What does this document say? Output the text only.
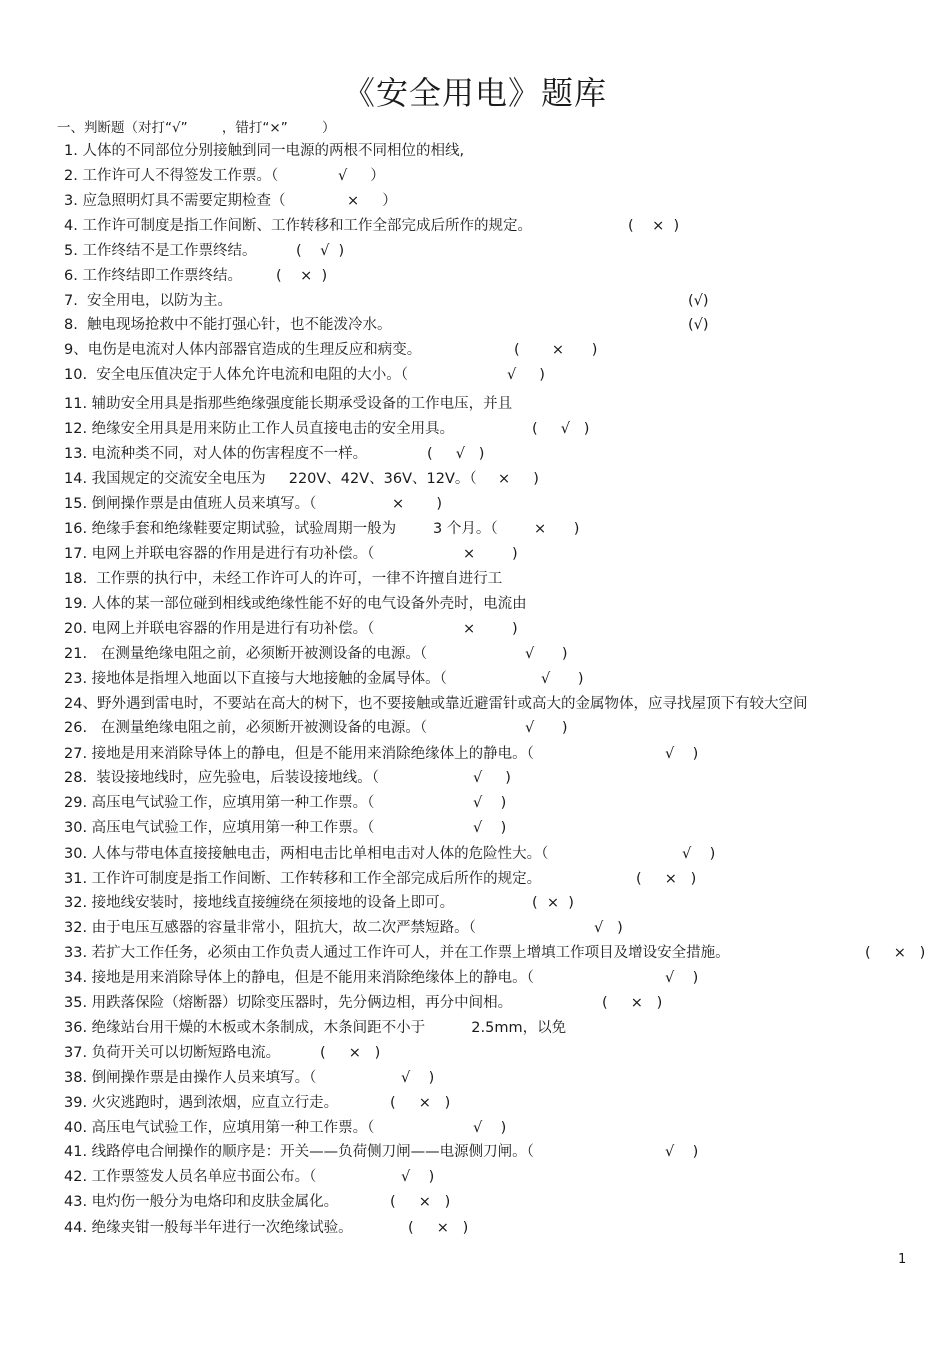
《安全用电》题库
一、判断题（对打“√”        ，错打“×”        ）
1. 人体的不同部位分别接触到同一电源的两根不同相位的相线,
2. 工作许可人不得签发工作票。（	√     ）
3. 应急照明灯具不需要定期检查（	×     ）
4. 工作许可制度是指工作间断、工作转移和工作全部完成后所作的规定。	(    ×  )
5. 工作终结不是工作票终结。	(    √  )
6. 工作终结即工作票终结。 (    ×  )
7.  安全用电，以防为主。	(√)
8.  触电现场抢救中不能打强心针，也不能泼冷水。	(√)
9、电伤是电流对人体内部器官造成的生理反应和病变。	(       ×      )
10.  安全电压值决定于人体允许电流和电阻的大小。（	√     )
11. 辅助安全用具是指那些绝缘强度能长期承受设备的工作电压，并且
12. 绝缘安全用具是用来防止工作人员直接电击的安全用具。	(     √   )
13. 电流种类不同，对人体的伤害程度不一样。	(     √   )
14. 我国规定的交流安全电压为     220V、42V、36V、12V。（ ×     )
15. 倒闸操作票是由值班人员来填写。（	×       )
16. 绝缘手套和绝缘鞋要定期试验，试验周期一般为        3 个月。（	×      )
17. 电网上并联电容器的作用是进行有功补偿。（	×        )
18.  工作票的执行中，未经工作许可人的许可，一律不许擅自进行工
19. 人体的某一部位碰到相线或绝缘性能不好的电气设备外壳时，电流由
20. 电网上并联电容器的作用是进行有功补偿。（	×        )
21.   在测量绝缘电阻之前，必须断开被测设备的电源。（	√      )
23. 接地体是指埋入地面以下直接与大地接触的金属导体。（	√      )
24、野外遇到雷电时，不要站在高大的树下，也不要接触或靠近避雷针或高大的金属物体，应寻找屋顶下有较大空间
26.   在测量绝缘电阻之前，必须断开被测设备的电源。（	√      )
27. 接地是用来消除导体上的静电，但是不能用来消除绝缘体上的静电。（	√    )
28.  装设接地线时，应先验电，后装设接地线。（	√     )
29. 高压电气试验工作，应填用第一种工作票。（	√    )
30. 高压电气试验工作，应填用第一种工作票。（	√    )
30. 人体与带电体直接接触电击，两相电击比单相电击对人体的危险性大。（	√    )
31. 工作许可制度是指工作间断、工作转移和工作全部完成后所作的规定。	(     ×   )
32. 接地线安装时，接地线直接缠绕在须接地的设备上即可。	(  ×  )
32. 由于电压互感器的容量非常小，阻抗大，故二次严禁短路。（	√   )
33. 若扩大工作任务，必须由工作负责人通过工作许可人，并在工作票上增填工作项目及增设安全措施。	(     ×   )
34. 接地是用来消除导体上的静电，但是不能用来消除绝缘体上的静电。（	√    )
35. 用跌落保险（熔断器）切除变压器时，先分俩边相，再分中间相。	(     ×   )
36. 绝缘站台用干燥的木板或木条制成，木条间距不小于          2.5mm，以免
37. 负荷开关可以切断短路电流。	(     ×   )
38. 倒闸操作票是由操作人员来填写。（	√    )
39. 火灾逃跑时，遇到浓烟，应直立行走。	(     ×   )
40. 高压电气试验工作，应填用第一种工作票。（	√    )
41. 线路停电合闸操作的顺序是：开关——负荷侧刀闸——电源侧刀闸。（	√    )
42. 工作票签发人员名单应书面公布。（	√    )
43. 电灼伤一般分为电烙印和皮肤金属化。	(     ×   )
44. 绝缘夹钳一般每半年进行一次绝缘试验。	(     ×   )
1
